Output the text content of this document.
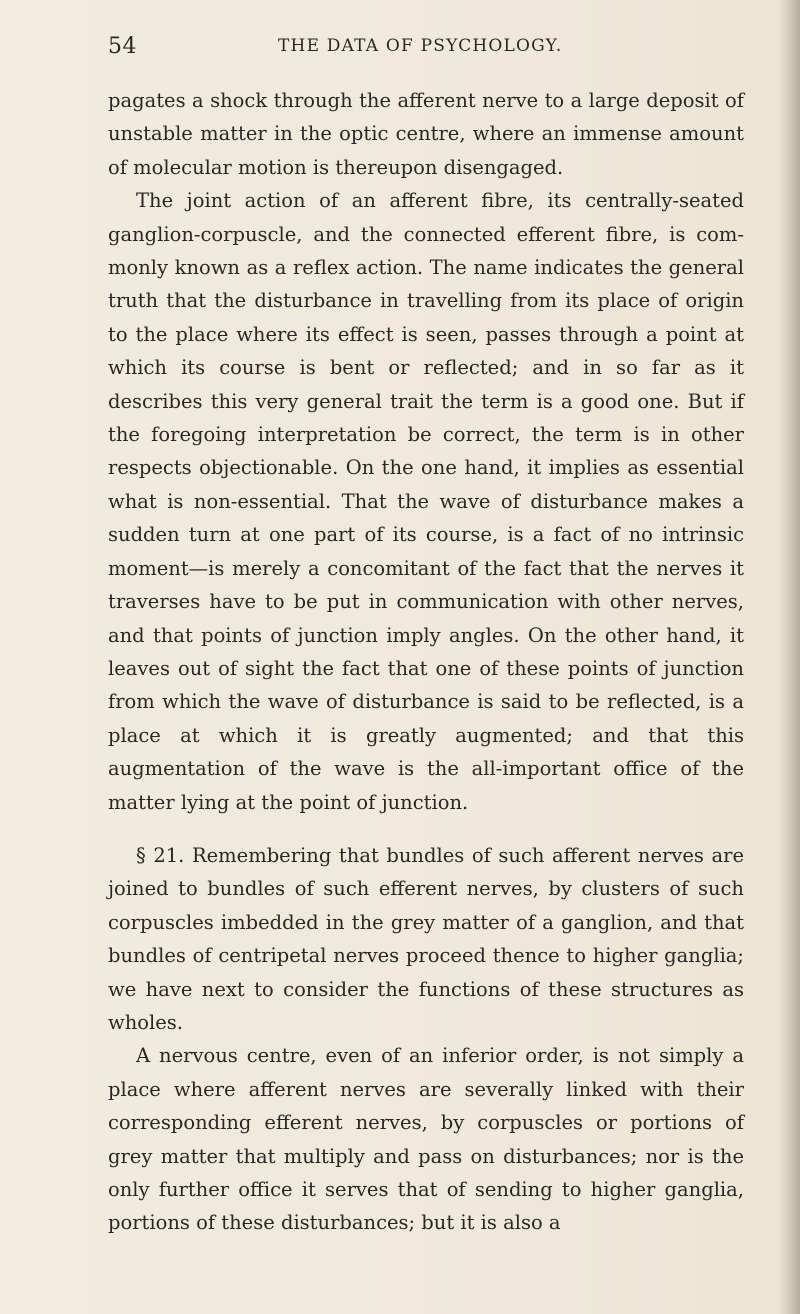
54	THE DATA OF PSYCHOLOGY.

pagates a shock through the afferent nerve to a large deposit of unstable matter in the optic centre, where an immense amount of molecular motion is thereupon disengaged.

The joint action of an afferent fibre, its centrally-seated ganglion-corpuscle, and the connected efferent fibre, is commonly known as a reflex action. The name indicates the general truth that the disturbance in travelling from its place of origin to the place where its effect is seen, passes through a point at which its course is bent or reflected; and in so far as it describes this very general trait the term is a good one. But if the foregoing interpretation be correct, the term is in other respects objectionable. On the one hand, it implies as essential what is non-essential. That the wave of disturbance makes a sudden turn at one part of its course, is a fact of no intrinsic moment—is merely a concomitant of the fact that the nerves it traverses have to be put in communication with other nerves, and that points of junction imply angles. On the other hand, it leaves out of sight the fact that one of these points of junction from which the wave of disturbance is said to be reflected, is a place at which it is greatly augmented; and that this augmentation of the wave is the all-important office of the matter lying at the point of junction.

§ 21. Remembering that bundles of such afferent nerves are joined to bundles of such efferent nerves, by clusters of such corpuscles imbedded in the grey matter of a ganglion, and that bundles of centripetal nerves proceed thence to higher ganglia; we have next to consider the functions of these structures as wholes.

A nervous centre, even of an inferior order, is not simply a place where afferent nerves are severally linked with their corresponding efferent nerves, by corpuscles or portions of grey matter that multiply and pass on disturbances; nor is the only further office it serves that of sending to higher ganglia, portions of these disturbances; but it is also a
